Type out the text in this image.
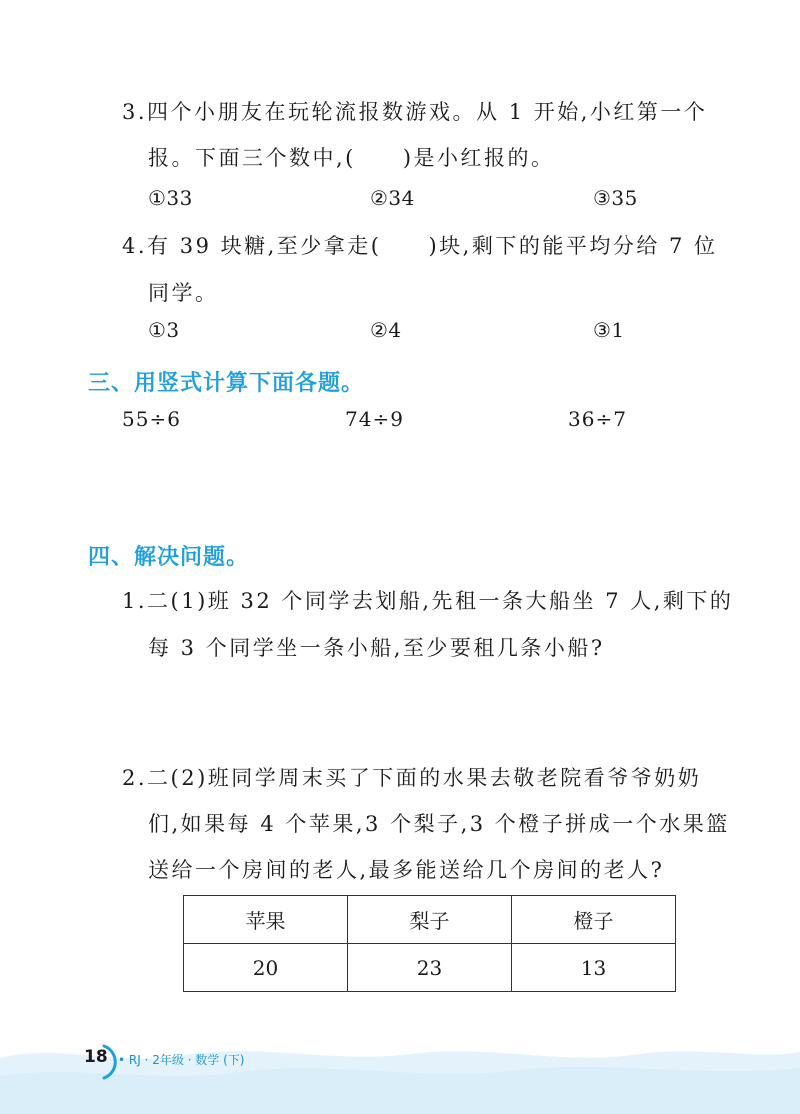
3.四个小朋友在玩轮流报数游戏。从 1 开始,小红第一个
报。下面三个数中,(　　)是小红报的。
①33	②34	③35
4.有 39 块糖,至少拿走(　　)块,剩下的能平均分给 7 位
同学。
①3	②4	③1
三、用竖式计算下面各题。
55÷6	74÷9	36÷7
四、解决问题。
1.二(1)班 32 个同学去划船,先租一条大船坐 7 人,剩下的
每 3 个同学坐一条小船,至少要租几条小船?
2.二(2)班同学周末买了下面的水果去敬老院看爷爷奶奶
们,如果每 4 个苹果,3 个梨子,3 个橙子拼成一个水果篮
送给一个房间的老人,最多能送给几个房间的老人?
苹果	梨子	橙子
20	23	13
18 • RJ · 2年级 · 数学 (下)
